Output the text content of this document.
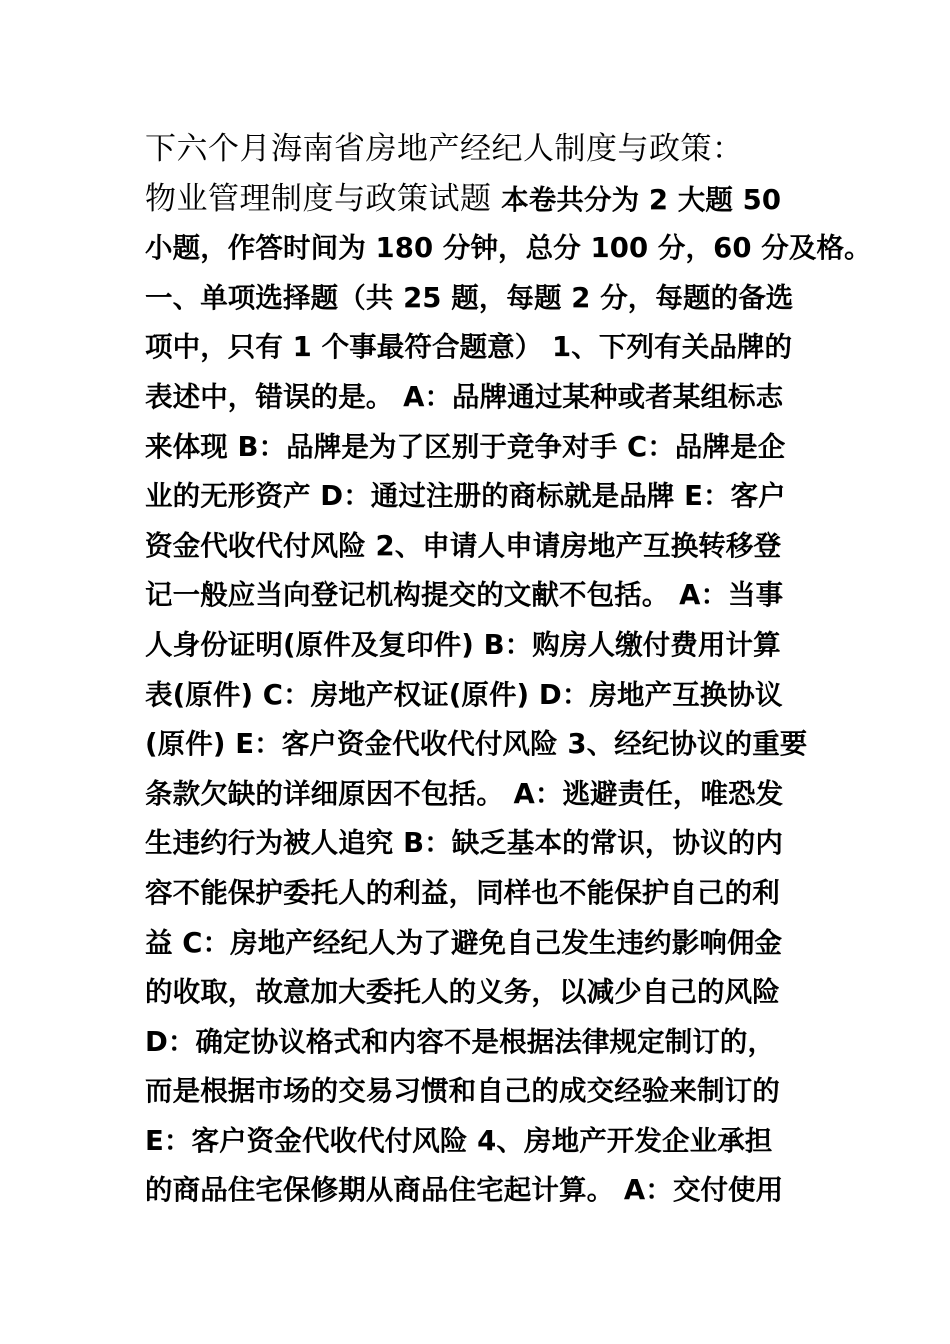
下六个月海南省房地产经纪人制度与政策：
物业管理制度与政策试题 本卷共分为 2 大题 50
小题，作答时间为 180 分钟，总分 100 分，60 分及格。
一、单项选择题（共 25 题，每题 2 分，每题的备选
项中，只有 1 个事最符合题意） 1、下列有关品牌的
表述中，错误的是。 A：品牌通过某种或者某组标志
来体现 B：品牌是为了区别于竞争对手 C：品牌是企
业的无形资产 D：通过注册的商标就是品牌 E：客户
资金代收代付风险 2、申请人申请房地产互换转移登
记一般应当向登记机构提交的文献不包括。 A：当事
人身份证明(原件及复印件) B：购房人缴付费用计算
表(原件) C：房地产权证(原件) D：房地产互换协议
(原件) E：客户资金代收代付风险 3、经纪协议的重要
条款欠缺的详细原因不包括。 A：逃避责任，唯恐发
生违约行为被人追究 B：缺乏基本的常识，协议的内
容不能保护委托人的利益，同样也不能保护自己的利
益 C：房地产经纪人为了避免自己发生违约影响佣金
的收取，故意加大委托人的义务，以减少自己的风险
D：确定协议格式和内容不是根据法律规定制订的，
而是根据市场的交易习惯和自己的成交经验来制订的
E：客户资金代收代付风险 4、房地产开发企业承担
的商品住宅保修期从商品住宅起计算。 A：交付使用
